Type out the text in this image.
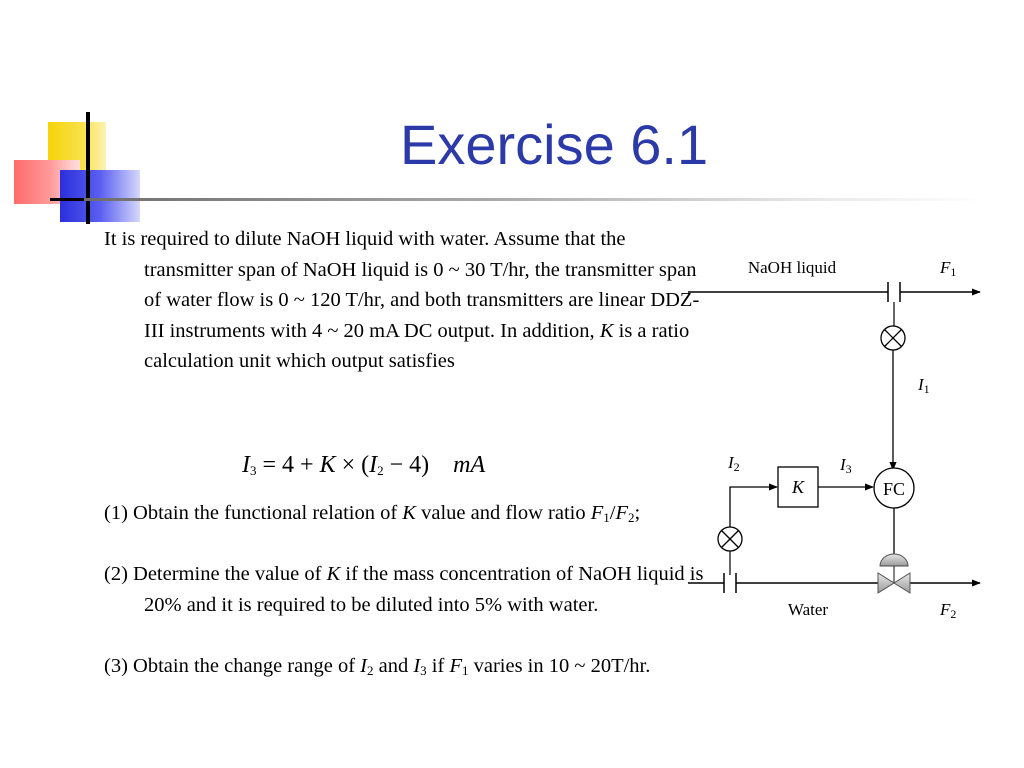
Exercise 6.1

It is required to dilute NaOH liquid with water. Assume that the transmitter span of NaOH liquid is 0 ~ 30 T/hr, the transmitter span of water flow is 0 ~ 120 T/hr, and both transmitters are linear DDZ-III instruments with 4 ~ 20 mA DC output. In addition, K is a ratio calculation unit which output satisfies

$I_3 = 4 + K \times (I_2 - 4)$ mA

(1) Obtain the functional relation of K value and flow ratio $F_1/F_2$;

(2) Determine the value of K if the mass concentration of NaOH liquid is 20% and it is required to be diluted into 5% with water.

(3) Obtain the change range of $I_2$ and $I_3$ if $F_1$ varies in 10 ~ 20T/hr.

NaOH liquid	F1
I1
FC
K
I3
I2
Water	F2
